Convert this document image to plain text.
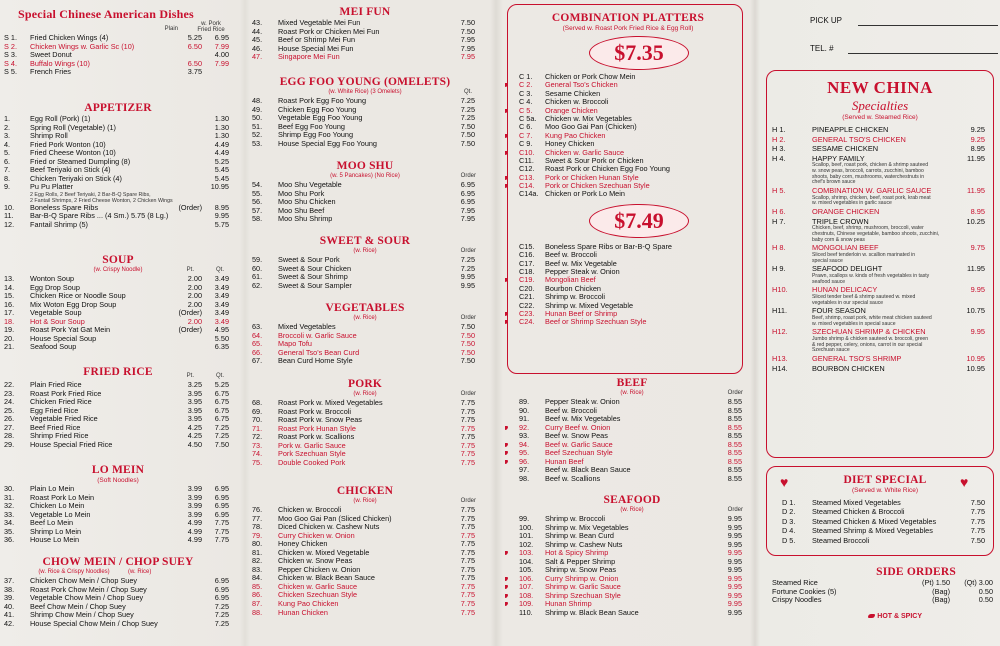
Special Chinese American Dishes
Plain
w. Pork
Fried Rice
S 1.	Fried Chicken Wings (4)	5.25 6.95
S 2.	Chicken Wings w. Garlic Sc (10)	6.50 7.99
S 3.	Sweet Donut	4.00
S 4.	Buffalo Wings (10)	6.50 7.99
S 5.	French Fries	3.75
APPETIZER
1.	Egg Roll (Pork) (1)	1.30
2.	Spring Roll (Vegetable) (1)	1.30
3.	Shrimp Roll	1.30
4.	Fried Pork Wonton (10)	4.49
5.	Fried Cheese Wonton (10)	4.49
6.	Fried or Steamed Dumpling (8)	5.25
7.	Beef Teriyaki on Stick (4)	5.45
8.	Chicken Teriyaki on Stick (4)	5.45
9.	Pu Pu Platter	10.95
2 Egg Rolls, 2 Beef Teriyaki, 2 Bar-B-Q Spare Ribs,
2 Fantail Shrimps, 2 Fried Cheese Wonton, 2 Chicken Wings
10.	Boneless Spare Ribs	(Order) 8.95
11.	Bar-B-Q Spare Ribs ... (4 Sm.) 5.75 (8 Lg.)	9.95
12.	Fantail Shrimp (5)	5.75
SOUP
(w. Crispy Noodle)	Pt.	Qt.
13.	Wonton Soup	2.00 3.49
14.	Egg Drop Soup	2.00 3.49
15.	Chicken Rice or Noodle Soup	2.00 3.49
16.	Mix Woton Egg Drop Soup	2.00 3.49
17.	Vegetable Soup	(Order) 3.49
18.	Hot & Sour Soup	2.00 3.49
19.	Roast Pork Yat Gat Mein	(Order) 4.95
20.	House Special Soup	5.50
21.	Seafood Soup	6.35
FRIED RICE	Pt.	Qt.
22.	Plain Fried Rice	3.25 5.25
23.	Roast Pork Fried Rice	3.95 6.75
24.	Chicken Fried Rice	3.95 6.75
25.	Egg Fried Rice	3.95 6.75
26.	Vegetable Fried Rice	3.95 6.75
27.	Beef Fried Rice	4.25 7.25
28.	Shrimp Fried Rice	4.25 7.25
29.	House Special Fried Rice	4.50 7.50
LO MEIN
(Soft Noodles)
30.	Plain Lo Mein	3.99 6.95
31.	Roast Pork Lo Mein	3.99 6.95
32.	Chicken Lo Mein	3.99 6.95
33.	Vegetable Lo Mein	3.99 6.95
34.	Beef Lo Mein	4.99 7.75
35.	Shrimp Lo Mein	4.99 7.75
36.	House Lo Mein	4.99 7.75
CHOW MEIN / CHOP SUEY
(w. Rice & Crispy Noodles)	(w. Rice)
37.	Chicken Chow Mein / Chop Suey	6.95
38.	Roast Pork Chow Mein / Chop Suey	6.95
39.	Vegetable Chow Mein / Chop Suey	6.95
40.	Beef Chow Mein / Chop Suey	7.25
41.	Shrimp Chow Mein / Chop Suey	7.25
42.	House Special Chow Mein / Chop Suey	7.25
MEI FUN
43.	Mixed Vegetable Mei Fun	7.50
44.	Roast Pork or Chicken Mei Fun	7.50
45.	Beef or Shrimp Mei Fun	7.95
46.	House Special Mei Fun	7.95
47.	Singapore Mei Fun	7.95
EGG FOO YOUNG (OMELETS)
(w. White Rice) (3 Omelets)	Qt.
48.	Roast Pork Egg Foo Young	7.25
49.	Chicken Egg Foo Young	7.25
50.	Vegetable Egg Foo Young	7.25
51.	Beef Egg Foo Young	7.50
52.	Shrimp Egg Foo Young	7.50
53.	House Special Egg Foo Young	7.50
MOO SHU
(w. 5 Pancakes) (No Rice)	Order
54.	Moo Shu Vegetable	6.95
55.	Moo Shu Pork	6.95
56.	Moo Shu Chicken	6.95
57.	Moo Shu Beef	7.95
58.	Moo Shu Shrimp	7.95
SWEET & SOUR
(w. Rice)	Order
59.	Sweet & Sour Pork	7.25
60.	Sweet & Sour Chicken	7.25
61.	Sweet & Sour Shrimp	9.95
62.	Sweet & Sour Sampler	9.95
VEGETABLES
(w. Rice)	Order
63.	Mixed Vegetables	7.50
64.	Broccoli w. Garlic Sauce	7.50
65.	Mapo Tofu	7.50
66.	General Tso's Bean Curd	7.50
67.	Bean Curd Home Style	7.50
PORK
(w. Rice)	Order
68.	Roast Pork w. Mixed Vegetables	7.75
69.	Roast Pork w. Broccoli	7.75
70.	Roast Pork w. Snow Peas	7.75
71.	Roast Pork Hunan Style	7.75
72.	Roast Pork w. Scallions	7.75
73.	Pork w. Garlic Sauce	7.75
74.	Pork Szechuan Style	7.75
75.	Double Cooked Pork	7.75
CHICKEN
(w. Rice)	Order
76.	Chicken w. Broccoli	7.75
77.	Moo Goo Gai Pan (Sliced Chicken)	7.75
78.	Diced Chicken w. Cashew Nuts	7.75
79.	Curry Chicken w. Onion	7.75
80.	Honey Chicken	7.75
81.	Chicken w. Mixed Vegetable	7.75
82.	Chicken w. Snow Peas	7.75
83.	Pepper Chicken w. Onion	7.75
84.	Chicken w. Black Bean Sauce	7.75
85.	Chicken w. Garlic Sauce	7.75
86.	Chicken Szechuan Style	7.75
87.	Kung Pao Chicken	7.75
88.	Hunan Chicken	7.75
COMBINATION PLATTERS
(Served w. Roast Pork Fried Rice & Egg Roll)
$7.35
C 1.	Chicken or Pork Chow Mein
C 2.	General Tso's Chicken
C 3.	Sesame Chicken
C 4.	Chicken w. Broccoli
C 5.	Orange Chicken
C 5a.	Chicken w. Mix Vegetables
C 6.	Moo Goo Gai Pan (Chicken)
C 7.	Kung Pao Chicken
C 9.	Honey Chicken
C10.	Chicken w. Garlic Sauce
C11.	Sweet & Sour Pork or Chicken
C12.	Roast Pork or Chicken Egg Foo Young
C13.	Pork or Chicken Hunan Style
C14.	Pork or Chicken Szechuan Style
C14a. Chicken or Pork Lo Mein
$7.49
C15.	Boneless Spare Ribs or Bar-B-Q Spare
C16.	Beef w. Broccoli
C17.	Beef w. Mix Vegetable
C18.	Pepper Steak w. Onion
C19.	Mongolian Beef
C20.	Bourbon Chicken
C21.	Shrimp w. Broccoli
C22.	Shrimp w. Mixed Vegetable
C23.	Hunan Beef or Shrimp
C24.	Beef or Shrimp Szechuan Style
BEEF
(w. Rice)	Order
89.	Pepper Steak w. Onion	8.55
90.	Beef w. Broccoli	8.55
91.	Beef w. Mix Vegetables	8.55
92.	Curry Beef w. Onion	8.55
93.	Beef w. Snow Peas	8.55
94.	Beef w. Garlic Sauce	8.55
95.	Beef Szechuan Style	8.55
96.	Hunan Beef	8.55
97.	Beef w. Black Bean Sauce	8.55
98.	Beef w. Scallions	8.55
SEAFOOD
(w. Rice)	Order
99.	Shrimp w. Broccoli	9.95
100.	Shrimp w. Mix Vegetables	9.95
101.	Shrimp w. Bean Curd	9.95
102.	Shrimp w. Cashew Nuts	9.95
103.	Hot & Spicy Shrimp	9.95
104.	Salt & Pepper Shrimp	9.95
105.	Shrimp w. Snow Peas	9.95
106.	Curry Shrimp w. Onion	9.95
107.	Shrimp w. Garlic Sauce	9.95
108.	Shrimp Szechuan Style	9.95
109.	Hunan Shrimp	9.95
110.	Shrimp w. Black Bean Sauce	9.95
PICK UP
TEL. #
NEW CHINA
Specialties
(Served w. Steamed Rice)
H 1.	PINEAPPLE CHICKEN	9.25
H 2.	GENERAL TSO'S CHICKEN	9.25
H 3.	SESAME CHICKEN	8.95
H 4.	HAPPY FAMILY	11.95
Scallop, beef, roast pork, chicken & shrimp sauteed
w. snow peas, broccoli, carrots, zucchini, bamboo
shoots, baby corn, mushrooms, waterchestnuts in
chef's brown sauce
H 5.	COMBINATION W. GARLIC SAUCE	11.95
Scallop, shrimp, chicken, beef, roast pork, krab meat
w. mixed vegetables in garlic sauce
H 6.	ORANGE CHICKEN	8.95
H 7.	TRIPLE CROWN	10.25
Chicken, beef, shrimp, mushroom, broccoli, water
chestnuts, Chinese vegetable, bamboo shoots, zucchini,
baby corn & snow peas
H 8.	MONGOLIAN BEEF	9.75
Sliced beef tenderloin w. scallion marinated in
special sauce
H 9.	SEAFOOD DELIGHT	11.95
Prawn, scallops w. kinds of fresh vegetables in tasty
seafood sauce
H10.	HUNAN DELICACY	9.95
Sliced tender beef & shrimp sauteed w. mixed
vegetables in our special sauce
H11.	FOUR SEASON	10.75
Beef, shrimp, roast pork, white meat chicken sauteed
w. mixed vegetables in special sauce
H12.	SZECHUAN SHRIMP & CHICKEN	9.95
Jumbo shrimp & chicken sauteed w. broccoli, green
& red pepper, celery, onions, carrot in our special
Szechuan sauce
H13.	GENERAL TSO'S SHRIMP	10.95
H14.	BOURBON CHICKEN	10.95
DIET SPECIAL
(Served w. White Rice)
D 1.	Steamed Mixed Vegetables	7.50
D 2.	Steamed Chicken & Broccoli	7.75
D 3.	Steamed Chicken & Mixed Vegetables	7.75
D 4.	Steamed Shrimp & Mixed Vegetables	7.75
D 5.	Steamed Broccoli	7.50
♥	♥
SIDE ORDERS
Steamed Rice	(Pt) 1.50 (Qt) 3.00
Fortune Cookies (5)	(Bag)	0.50
Crispy Noodles	(Bag)	0.50
HOT & SPICY
